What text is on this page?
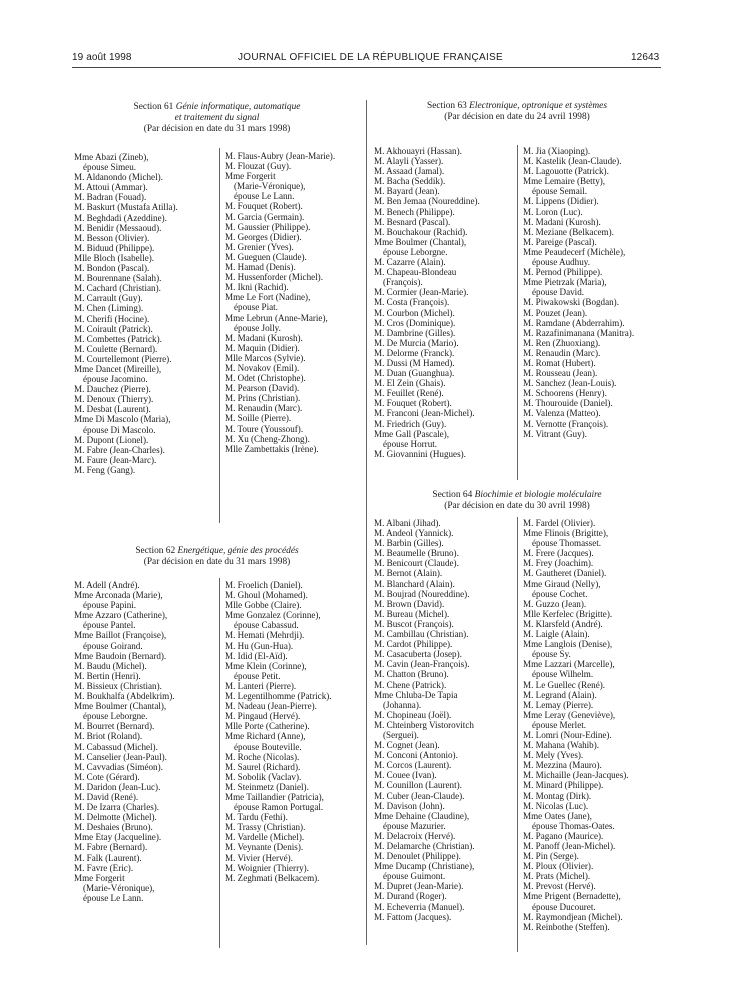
19 août 1998	JOURNAL OFFICIEL DE LA RÉPUBLIQUE FRANÇAISE	12643
Section 61 Génie informatique, automatique
et traitement du signal
(Par décision en date du 31 mars 1998)
Mme Abazi (Zineb),
épouse Simeu.
M. Aldanondo (Michel).
M. Attoui (Ammar).
M. Badran (Fouad).
M. Baskurt (Mustafa Atilla).
M. Beghdadi (Azeddine).
M. Benidir (Messaoud).
M. Besson (Olivier).
M. Biduud (Philippe).
Mlle Bloch (Isabelle).
M. Bondon (Pascal).
M. Bourennane (Salah).
M. Cachard (Christian).
M. Carrault (Guy).
M. Chen (Liming).
M. Cherifi (Hocine).
M. Coirault (Patrick).
M. Combettes (Patrick).
M. Coulette (Bernard).
M. Courtellemont (Pierre).
Mme Dancet (Mireille),
épouse Jacomino.
M. Dauchez (Pierre).
M. Denoux (Thierry).
M. Desbat (Laurent).
Mme Di Mascolo (Maria),
épouse Di Mascolo.
M. Dupont (Lionel).
M. Fabre (Jean-Charles).
M. Faure (Jean-Marc).
M. Feng (Gang).
M. Flaus-Aubry (Jean-Marie).
M. Flouzat (Guy).
Mme Forgerit
(Marie-Véronique),
épouse Le Lann.
M. Fouquet (Robert).
M. Garcia (Germain).
M. Gaussier (Philippe).
M. Georges (Didier).
M. Grenier (Yves).
M. Gueguen (Claude).
M. Hamad (Denis).
M. Hussenforder (Michel).
M. Ikni (Rachid).
Mme Le Fort (Nadine),
épouse Piat.
Mme Lebrun (Anne-Marie),
épouse Jolly.
M. Madani (Kurosh).
M. Maquin (Didier).
Mlle Marcos (Sylvie).
M. Novakov (Emil).
M. Odet (Christophe).
M. Pearson (David).
M. Prins (Christian).
M. Renaudin (Marc).
M. Soille (Pierre).
M. Toure (Youssouf).
M. Xu (Cheng-Zhong).
Mlle Zambettakis (Irène).
Section 62 Energétique, génie des procédés
(Par décision en date du 31 mars 1998)
M. Adell (André).
Mme Arconada (Marie),
épouse Papini.
Mme Azzaro (Catherine),
épouse Pantel.
Mme Baillot (Françoise),
épouse Goirand.
Mme Baudoin (Bernard).
M. Baudu (Michel).
M. Bertin (Henri).
M. Bissieux (Christian).
M. Boukhalfa (Abdelkrim).
Mme Boulmer (Chantal),
épouse Leborgne.
M. Bourret (Bernard).
M. Briot (Roland).
M. Cabassud (Michel).
M. Canselier (Jean-Paul).
M. Cavvadias (Siméon).
M. Cote (Gérard).
M. Daridon (Jean-Luc).
M. David (René).
M. De Izarra (Charles).
M. Delmotte (Michel).
M. Deshaies (Bruno).
Mme Etay (Jacqueline).
M. Fabre (Bernard).
M. Falk (Laurent).
M. Favre (Eric).
Mme Forgerit
(Marie-Véronique),
épouse Le Lann.
M. Froelich (Daniel).
M. Ghoul (Mohamed).
Mlle Gobbe (Claire).
Mme Gonzalez (Corinne),
épouse Cabassud.
M. Hemati (Mehrdji).
M. Hu (Gun-Hua).
M. Idid (El-Aïd).
Mme Klein (Corinne),
épouse Petit.
M. Lanteri (Pierre).
M. Legentilhomme (Patrick).
M. Nadeau (Jean-Pierre).
M. Pingaud (Hervé).
Mlle Porte (Catherine).
Mme Richard (Anne),
épouse Bouteville.
M. Roche (Nicolas).
M. Saurel (Richard).
M. Sobolik (Vaclav).
M. Steinmetz (Daniel).
Mme Taillandier (Patricia),
épouse Ramon Portugal.
M. Tardu (Fethi).
M. Trassy (Christian).
M. Vardelle (Michel).
M. Veynante (Denis).
M. Vivier (Hervé).
M. Woignier (Thierry).
M. Zeghmati (Belkacem).
Section 63 Electronique, optronique et systèmes
(Par décision en date du 24 avril 1998)
M. Akhouayri (Hassan).
M. Alayli (Yasser).
M. Assaad (Jamal).
M. Bacha (Seddik).
M. Bayard (Jean).
M. Ben Jemaa (Noureddine).
M. Benech (Philippe).
M. Besnard (Pascal).
M. Bouchakour (Rachid).
Mme Boulmer (Chantal),
épouse Leborgne.
M. Cazarre (Alain).
M. Chapeau-Blondeau
(François).
M. Cormier (Jean-Marie).
M. Costa (François).
M. Courbon (Michel).
M. Cros (Dominique).
M. Dambrine (Gilles).
M. De Murcia (Mario).
M. Delorme (Franck).
M. Dussi (M Hamed).
M. Duan (Guanghua).
M. El Zein (Ghais).
M. Feuillet (René).
M. Fouquet (Robert).
M. Franconi (Jean-Michel).
M. Friedrich (Guy).
Mme Gall (Pascale),
épouse Horrut.
M. Giovannini (Hugues).
M. Jia (Xiaoping).
M. Kastelik (Jean-Claude).
M. Lagouotte (Patrick).
Mme Lemaire (Betty),
épouse Semail.
M. Lippens (Didier).
M. Loron (Luc).
M. Madani (Kurosh).
M. Meziane (Belkacem).
M. Pareige (Pascal).
Mme Peaudecerf (Michèle),
épouse Audhuy.
M. Pernod (Philippe).
Mme Pietrzak (Maria),
épouse David.
M. Piwakowski (Bogdan).
M. Pouzet (Jean).
M. Ramdane (Abderrahim).
M. Razafinimanana (Manitra).
M. Ren (Zhuoxiang).
M. Renaudin (Marc).
M. Romat (Hubert).
M. Rousseau (Jean).
M. Sanchez (Jean-Louis).
M. Schoorens (Henry).
M. Thourouide (Daniel).
M. Valenza (Matteo).
M. Vernotte (François).
M. Vitrant (Guy).
Section 64 Biochimie et biologie moléculaire
(Par décision en date du 30 avril 1998)
M. Albani (Jihad).
M. Andeol (Yannick).
M. Barbin (Gilles).
M. Beaumelle (Bruno).
M. Benicourt (Claude).
M. Bernot (Alain).
M. Blanchard (Alain).
M. Boujrad (Noureddine).
M. Brown (David).
M. Bureau (Michel).
M. Buscot (François).
M. Cambillau (Christian).
M. Cardot (Philippe).
M. Casacuberta (Josep).
M. Cavin (Jean-François).
M. Chatton (Bruno).
M. Chene (Patrick).
Mme Chluba-De Tapia
(Johanna).
M. Chopineau (Joël).
M. Chteinberg Vistorovitch
(Serguei).
M. Cognet (Jean).
M. Conconi (Antonio).
M. Corcos (Laurent).
M. Couee (Ivan).
M. Counillon (Laurent).
M. Cuber (Jean-Claude).
M. Davison (John).
Mme Dehaine (Claudine),
épouse Mazurier.
M. Delacroix (Hervé).
M. Delamarche (Christian).
M. Denoulet (Philippe).
Mme Ducamp (Christiane),
épouse Guimont.
M. Dupret (Jean-Marie).
M. Durand (Roger).
M. Echeverria (Manuel).
M. Fattom (Jacques).
M. Fardel (Olivier).
Mme Flinois (Brigitte),
épouse Thomasset.
M. Frere (Jacques).
M. Frey (Joachim).
M. Gautheret (Daniel).
Mme Giraud (Nelly),
épouse Cochet.
M. Guzzo (Jean).
Mlle Kerfelec (Brigitte).
M. Klarsfeld (André).
M. Laigle (Alain).
Mme Langlois (Denise),
épouse Sy.
Mme Lazzari (Marcelle),
épouse Wilhelm.
M. Le Guellec (René).
M. Legrand (Alain).
M. Lemay (Pierre).
Mme Leray (Geneviève),
épouse Merlet.
M. Lomri (Nour-Edine).
M. Mahana (Wahib).
M. Mely (Yves).
M. Mezzina (Mauro).
M. Michaille (Jean-Jacques).
M. Minard (Philippe).
M. Montag (Dirk).
M. Nicolas (Luc).
Mme Oates (Jane),
épouse Thomas-Oates.
M. Pagano (Maurice).
M. Panoff (Jean-Michel).
M. Pin (Serge).
M. Ploux (Olivier).
M. Prats (Michel).
M. Prevost (Hervé).
Mme Prigent (Bernadette),
épouse Ducouret.
M. Raymondjean (Michel).
M. Reinbothe (Steffen).
